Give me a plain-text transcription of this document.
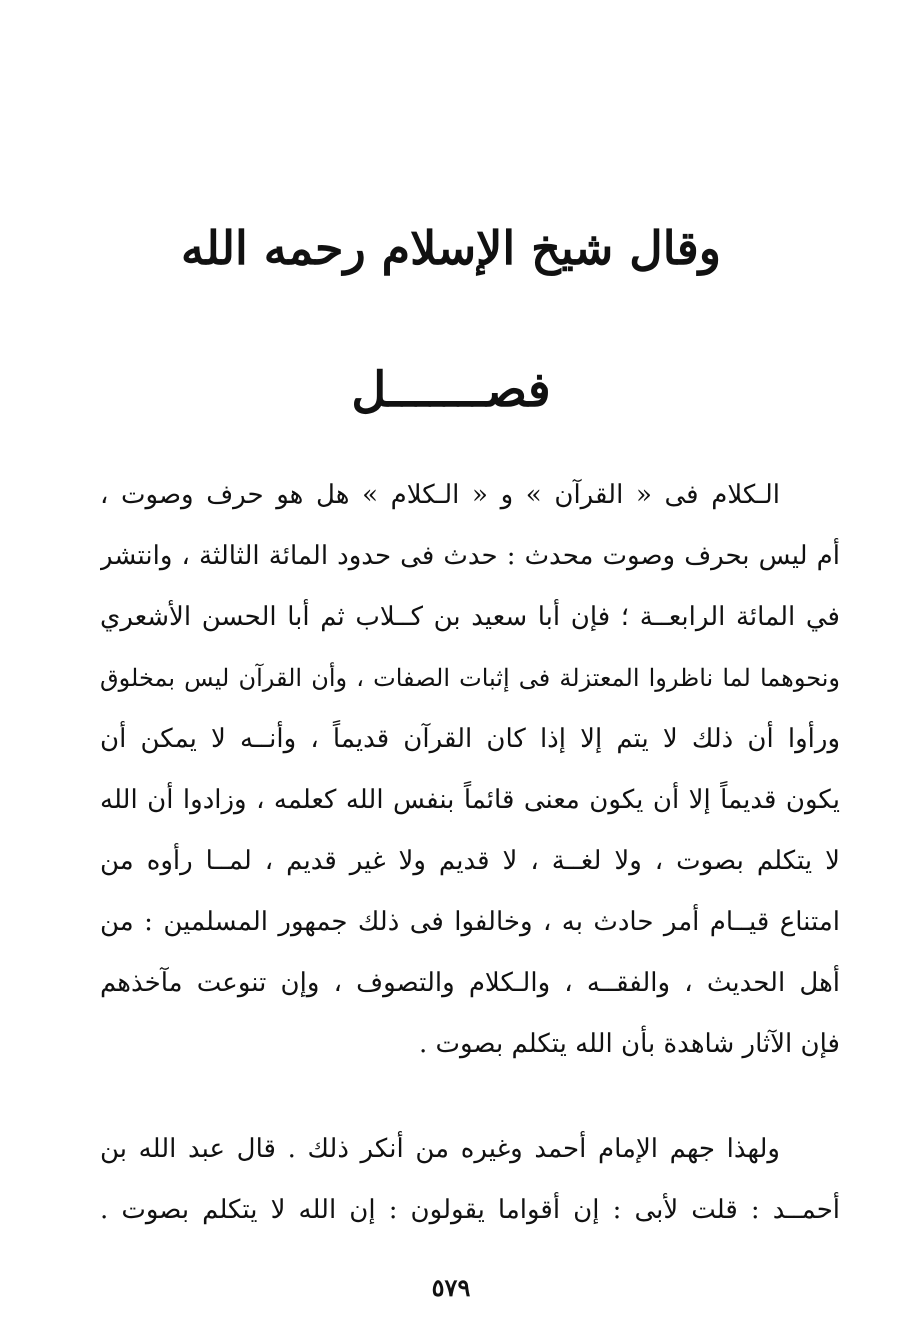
وقال شيخ الإسلام رحمه الله
فصـــــــل
الـكلام فى « القرآن » و « الـكلام » هل هو حرف وصوت ،
أم ليس بحرف وصوت محدث : حدث فى حدود المائة الثالثة ، وانتشر
في المائة الرابعــة ؛ فإن أبا سعيد بن كــلاب ثم أبا الحسن الأشعري
ونحوهما لما ناظروا المعتزلة فى إثبات الصفات ، وأن القرآن ليس بمخلوق
ورأوا أن ذلك لا يتم إلا إذا كان القرآن قديماً ، وأنــه لا يمكن أن
يكون قديماً إلا أن يكون معنى قائماً بنفس الله كعلمه ، وزادوا أن الله
لا يتكلم بصوت ، ولا لغــة ، لا قديم ولا غير قديم ، لمــا رأوه من
امتناع قيــام أمر حادث به ، وخالفوا فى ذلك جمهور المسلمين : من
أهل الحديث ، والفقــه ، والـكلام والتصوف ، وإن تنوعت مآخذهم
فإن الآثار شاهدة بأن الله يتكلم بصوت .
ولهذا جهم الإمام أحمد وغيره من أنكر ذلك . قال عبد الله بن
أحمــد : قلت لأبى : إن أقواما يقولون : إن الله لا يتكلم بصوت .
٥٧٩
